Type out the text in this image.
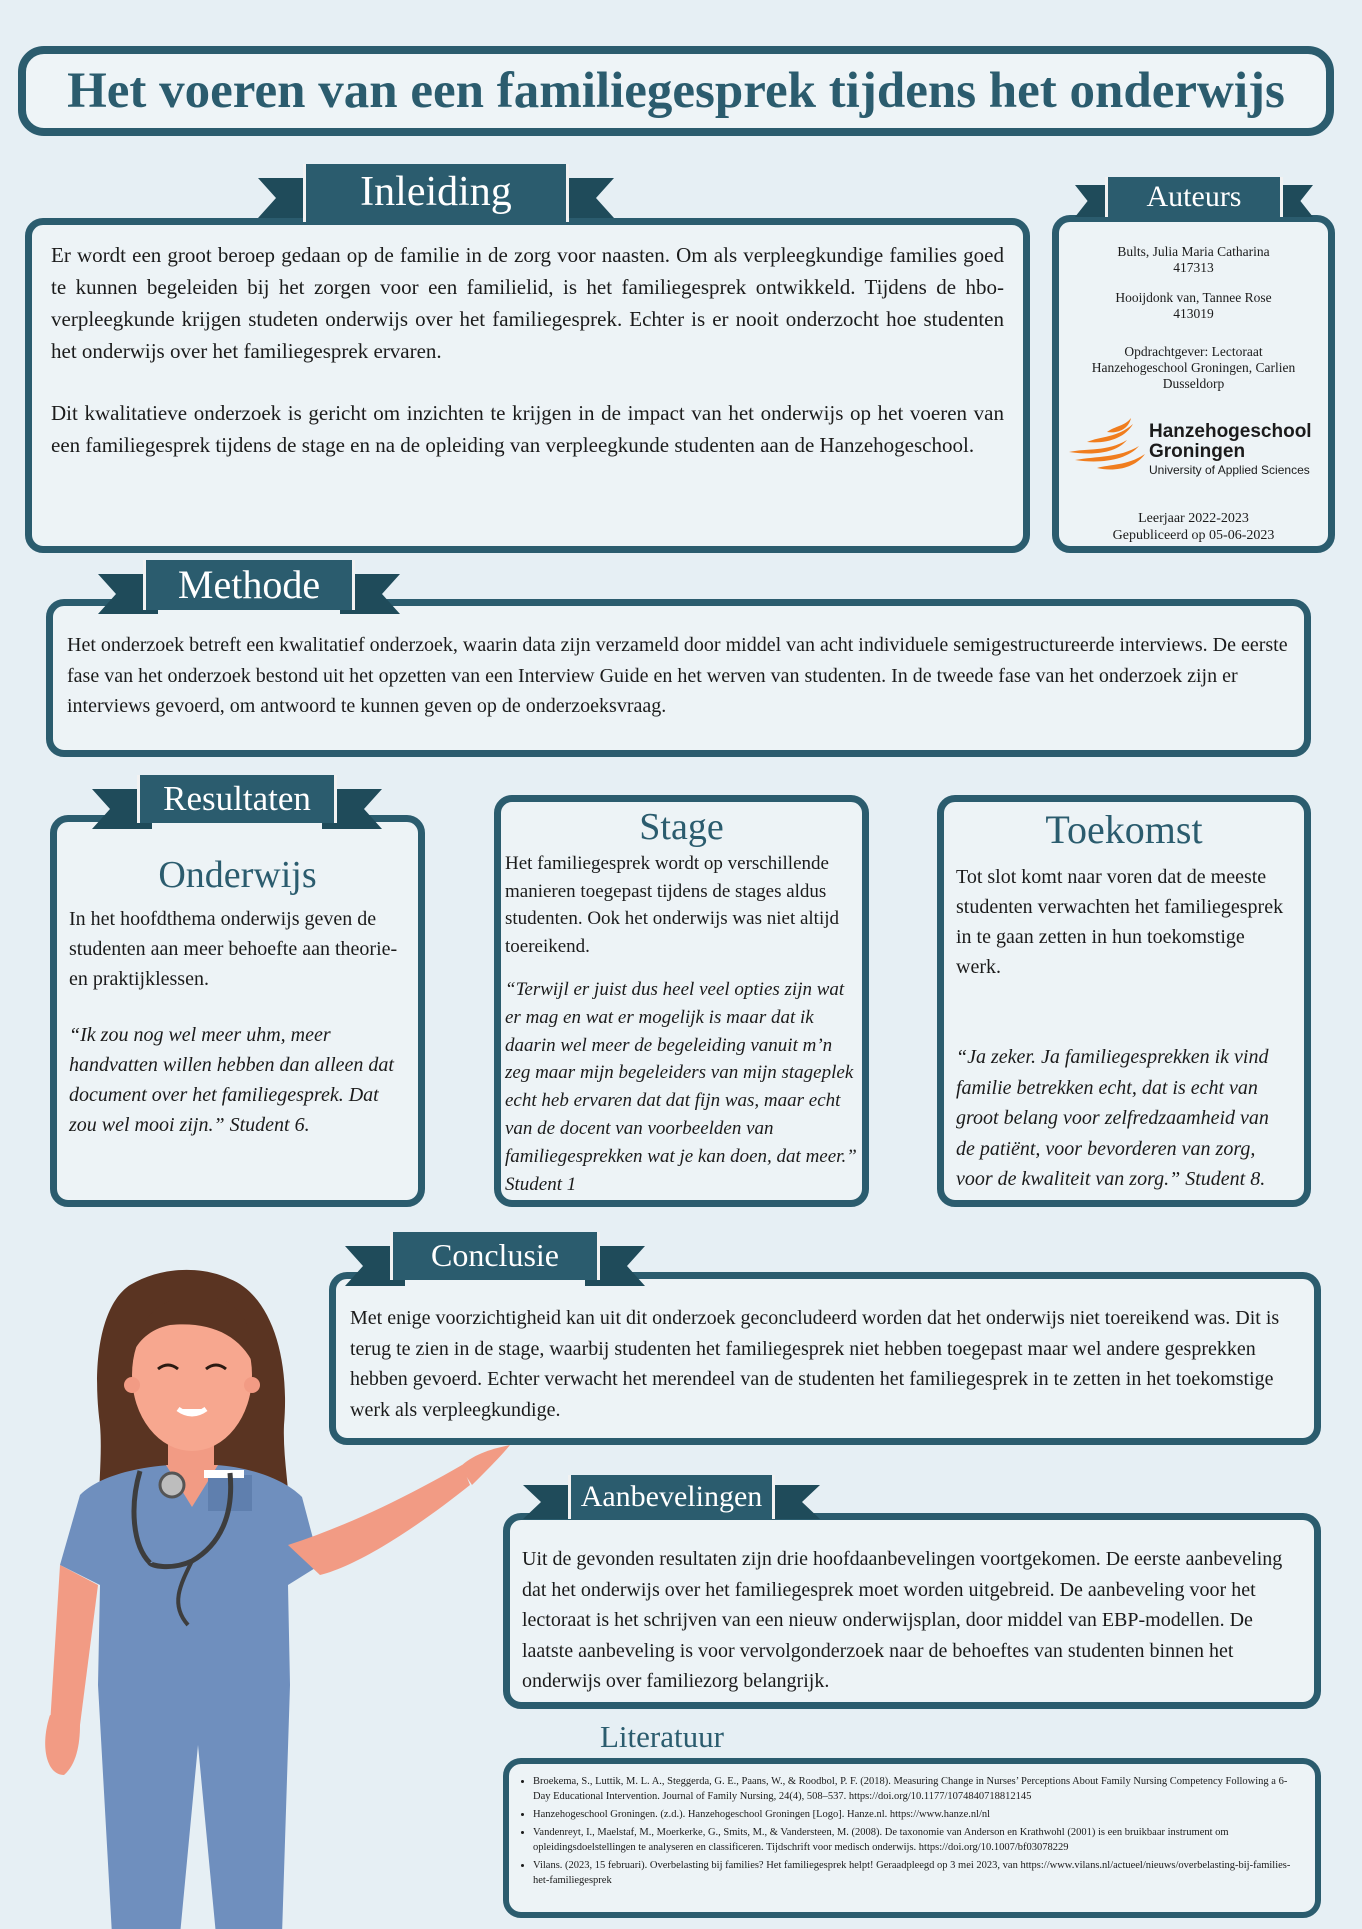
Het voeren van een familiegesprek tijdens het onderwijs

Er wordt een groot beroep gedaan op de familie in de zorg voor naasten. Om als verpleegkundige families goed te kunnen begeleiden bij het zorgen voor een familielid, is het familiegesprek ontwikkeld. Tijdens de hbo-verpleegkunde krijgen studeten onderwijs over het familiegesprek. Echter is er nooit onderzocht hoe studenten het onderwijs over het familiegesprek ervaren.

Dit kwalitatieve onderzoek is gericht om inzichten te krijgen in de impact van het onderwijs op het voeren van een familiegesprek tijdens de stage en na de opleiding van verpleegkunde studenten aan de Hanzehogeschool.

Inleiding
Bults, Julia Maria Catharina
417313
Hooijdonk van, Tannee Rose
413019
Opdrachtgever: Lectoraat
Hanzehogeschool Groningen, Carlien
Dusseldorp
Hanzehogeschool
Groningen
University of Applied Sciences
Leerjaar 2022-2023
Gepubliceerd op 05-06-2023
Auteurs

Het onderzoek betreft een kwalitatief onderzoek, waarin data zijn verzameld door middel van acht individuele semigestructureerde interviews. De eerste fase van het onderzoek bestond uit het opzetten van een Interview Guide en het werven van studenten. In de tweede fase van het onderzoek zijn er interviews gevoerd, om antwoord te kunnen geven op de onderzoeksvraag.

Methode
Onderwijs

In het hoofdthema onderwijs geven de studenten aan meer behoefte aan theorie- en praktijklessen.

“Ik zou nog wel meer uhm, meer handvatten willen hebben dan alleen dat document over het familiegesprek. Dat zou wel mooi zijn.” Student 6.

Resultaten
Stage

Het familiegesprek wordt op verschillende manieren toegepast tijdens de stages aldus studenten. Ook het onderwijs was niet altijd toereikend.

“Terwijl er juist dus heel veel opties zijn wat er mag en wat er mogelijk is maar dat ik daarin wel meer de begeleiding vanuit m’n zeg maar mijn begeleiders van mijn stageplek echt heb ervaren dat dat fijn was, maar echt van de docent van voorbeelden van familiegesprekken wat je kan doen, dat meer.” Student 1

Toekomst

Tot slot komt naar voren dat de meeste studenten verwachten het familiegesprek in te gaan zetten in hun toekomstige werk.

“Ja zeker. Ja familiegesprekken ik vind familie betrekken echt, dat is echt van groot belang voor zelfredzaamheid van de patiënt, voor bevorderen van zorg, voor de kwaliteit van zorg.” Student 8.

Met enige voorzichtigheid kan uit dit onderzoek geconcludeerd worden dat het onderwijs niet toereikend was. Dit is terug te zien in de stage, waarbij studenten het familiegesprek niet hebben toegepast maar wel andere gesprekken hebben gevoerd. Echter verwacht het merendeel van de studenten het familiegesprek in te zetten in het toekomstige werk als verpleegkundige.

Conclusie

Uit de gevonden resultaten zijn drie hoofdaanbevelingen voortgekomen. De eerste aanbeveling dat het onderwijs over het familiegesprek moet worden uitgebreid. De aanbeveling voor het lectoraat is het schrijven van een nieuw onderwijsplan, door middel van EBP-modellen. De laatste aanbeveling is voor vervolgonderzoek naar de behoeftes van studenten binnen het onderwijs over familiezorg belangrijk.

Aanbevelingen
Literatuur
• Broekema, S., Luttik, M. L. A., Steggerda, G. E., Paans, W., & Roodbol, P. F. (2018). Measuring Change in Nurses’ Perceptions About Family Nursing Competency Following a 6-Day Educational Intervention. Journal of Family Nursing, 24(4), 508–537. https://doi.org/10.1177/1074840718812145
• Hanzehogeschool Groningen. (z.d.). Hanzehogeschool Groningen [Logo]. Hanze.nl. https://www.hanze.nl/nl
• Vandenreyt, I., Maelstaf, M., Moerkerke, G., Smits, M., & Vandersteen, M. (2008). De taxonomie van Anderson en Krathwohl (2001) is een bruikbaar instrument om opleidingsdoelstellingen te analyseren en classificeren. Tijdschrift voor medisch onderwijs. https://doi.org/10.1007/bf03078229
• Vilans. (2023, 15 februari). Overbelasting bij families? Het familiegesprek helpt! Geraadpleegd op 3 mei 2023, van https://www.vilans.nl/actueel/nieuws/overbelasting-bij-families-het-familiegesprek
